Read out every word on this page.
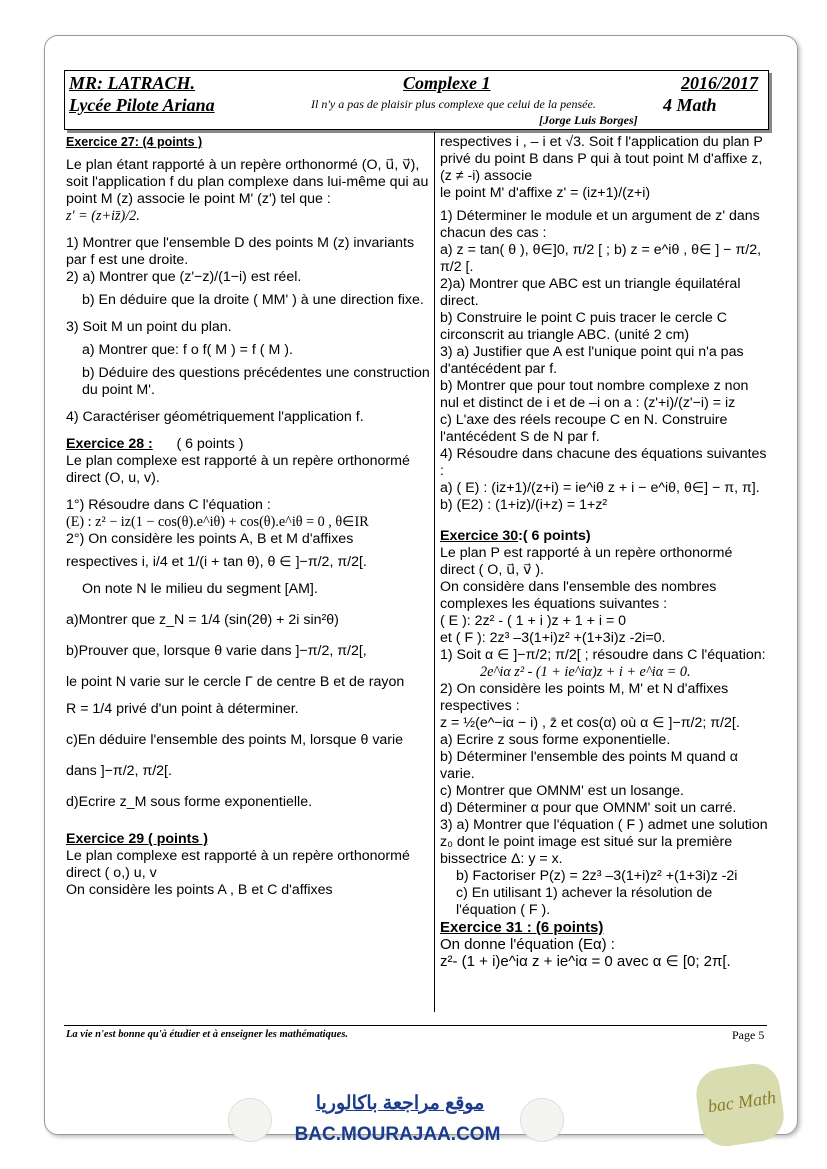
MR: LATRACH.
Lycée Pilote Ariana
Complexe 1
Il n'y a pas de plaisir plus complexe que celui de la pensée.
[Jorge Luis Borges]
2016/2017
4 Math

Exercice 27: (4 points )

Le plan étant rapporté à un repère orthonormé (O, u⃗, v⃗), soit l'application f du plan complexe dans lui-même qui au point M (z) associe le point M' (z') tel que :

z' = (z+iz̄)/2.

1) Montrer que l'ensemble D des points M (z) invariants par f est une droite.

2) a) Montrer que (z'−z)/(1−i) est réel.

b) En déduire que la droite ( MM' ) à une direction fixe.

3) Soit M un point du plan.

a) Montrer que: f o f( M ) = f ( M ).

b) Déduire des questions précédentes une construction du point M'.

4) Caractériser géométriquement l'application f.

Exercice 28 : ( 6 points )

Le plan complexe est rapporté à un repère orthonormé direct (O, u, v).

1°) Résoudre dans C l'équation :

(E) : z² − iz(1 − cos(θ).e^iθ) + cos(θ).e^iθ = 0 , θ∈IR

2°) On considère les points A, B et M d'affixes

respectives i, i/4 et 1/(i + tan θ), θ ∈ ]−π/2, π/2[.

On note N le milieu du segment [AM].

a)Montrer que z_N = 1/4 (sin(2θ) + 2i sin²θ)

b)Prouver que, lorsque θ varie dans ]−π/2, π/2[,

le point N varie sur le cercle Γ de centre B et de rayon

R = 1/4 privé d'un point à déterminer.

c)En déduire l'ensemble des points M, lorsque θ varie

dans ]−π/2, π/2[.

d)Ecrire z_M sous forme exponentielle.

Exercice 29 ( points )

Le plan complexe est rapporté à un repère orthonormé direct ( o,) u, v

On considère les points A , B et C d'affixes

respectives i , – i et √3. Soit f l'application du plan P privé du point B dans P qui à tout point M d'affixe z, (z ≠ -i) associe

le point M' d'affixe z' = (iz+1)/(z+i)

1) Déterminer le module et un argument de z' dans chacun des cas :

a) z = tan( θ ), θ∈]0, π/2 [ ; b) z = e^iθ , θ∈ ] − π/2, π/2 [.

2)a) Montrer que ABC est un triangle équilatéral direct.

b) Construire le point C puis tracer le cercle C circonscrit au triangle ABC. (unité 2 cm)

3) a) Justifier que A est l'unique point qui n'a pas d'antécédent par f.

b) Montrer que pour tout nombre complexe z non nul et distinct de i et de –i on a : (z'+i)/(z'−i) = iz

c) L'axe des réels recoupe C en N. Construire l'antécédent S de N par f.

4) Résoudre dans chacune des équations suivantes :

a) ( E) : (iz+1)/(z+i) = ie^iθ z + i − e^iθ, θ∈] − π, π].

b) (E2) : (1+iz)/(i+z) = 1+z²

Exercice 30:( 6 points)

Le plan P est rapporté à un repère orthonormé direct ( O, u⃗, v⃗ ).

On considère dans l'ensemble des nombres complexes les équations suivantes :

( E ): 2z² - ( 1 + i )z + 1 + i = 0

et ( F ): 2z³ –3(1+i)z² +(1+3i)z -2i=0.

1) Soit α ∈ ]−π/2; π/2[ ; résoudre dans C l'équation:

2e^iα z² - (1 + ie^iα)z + i + e^iα = 0.

2) On considère les points M, M' et N d'affixes respectives :

z = ½(e^−iα − i) , z̄ et cos(α) où α ∈ ]−π/2; π/2[.

a) Ecrire z sous forme exponentielle.

b) Déterminer l'ensemble des points M quand α varie.

c) Montrer que OMNM' est un losange.

d) Déterminer α pour que OMNM' soit un carré.

3) a) Montrer que l'équation ( F ) admet une solution z₀ dont le point image est situé sur la première bissectrice Δ: y = x.

b) Factoriser P(z) = 2z³ –3(1+i)z² +(1+3i)z -2i

c) En utilisant 1) achever la résolution de l'équation ( F ).

Exercice 31 : (6 points)

On donne l'équation (Eα) :

z²- (1 + i)e^iα z + ie^iα = 0 avec α ∈ [0; 2π[.

La vie n'est bonne qu'à étudier et à enseigner les mathématiques.	Page 5
موقع مراجعة باكالوريا
BAC.MOURAJAA.COM
bac Math
